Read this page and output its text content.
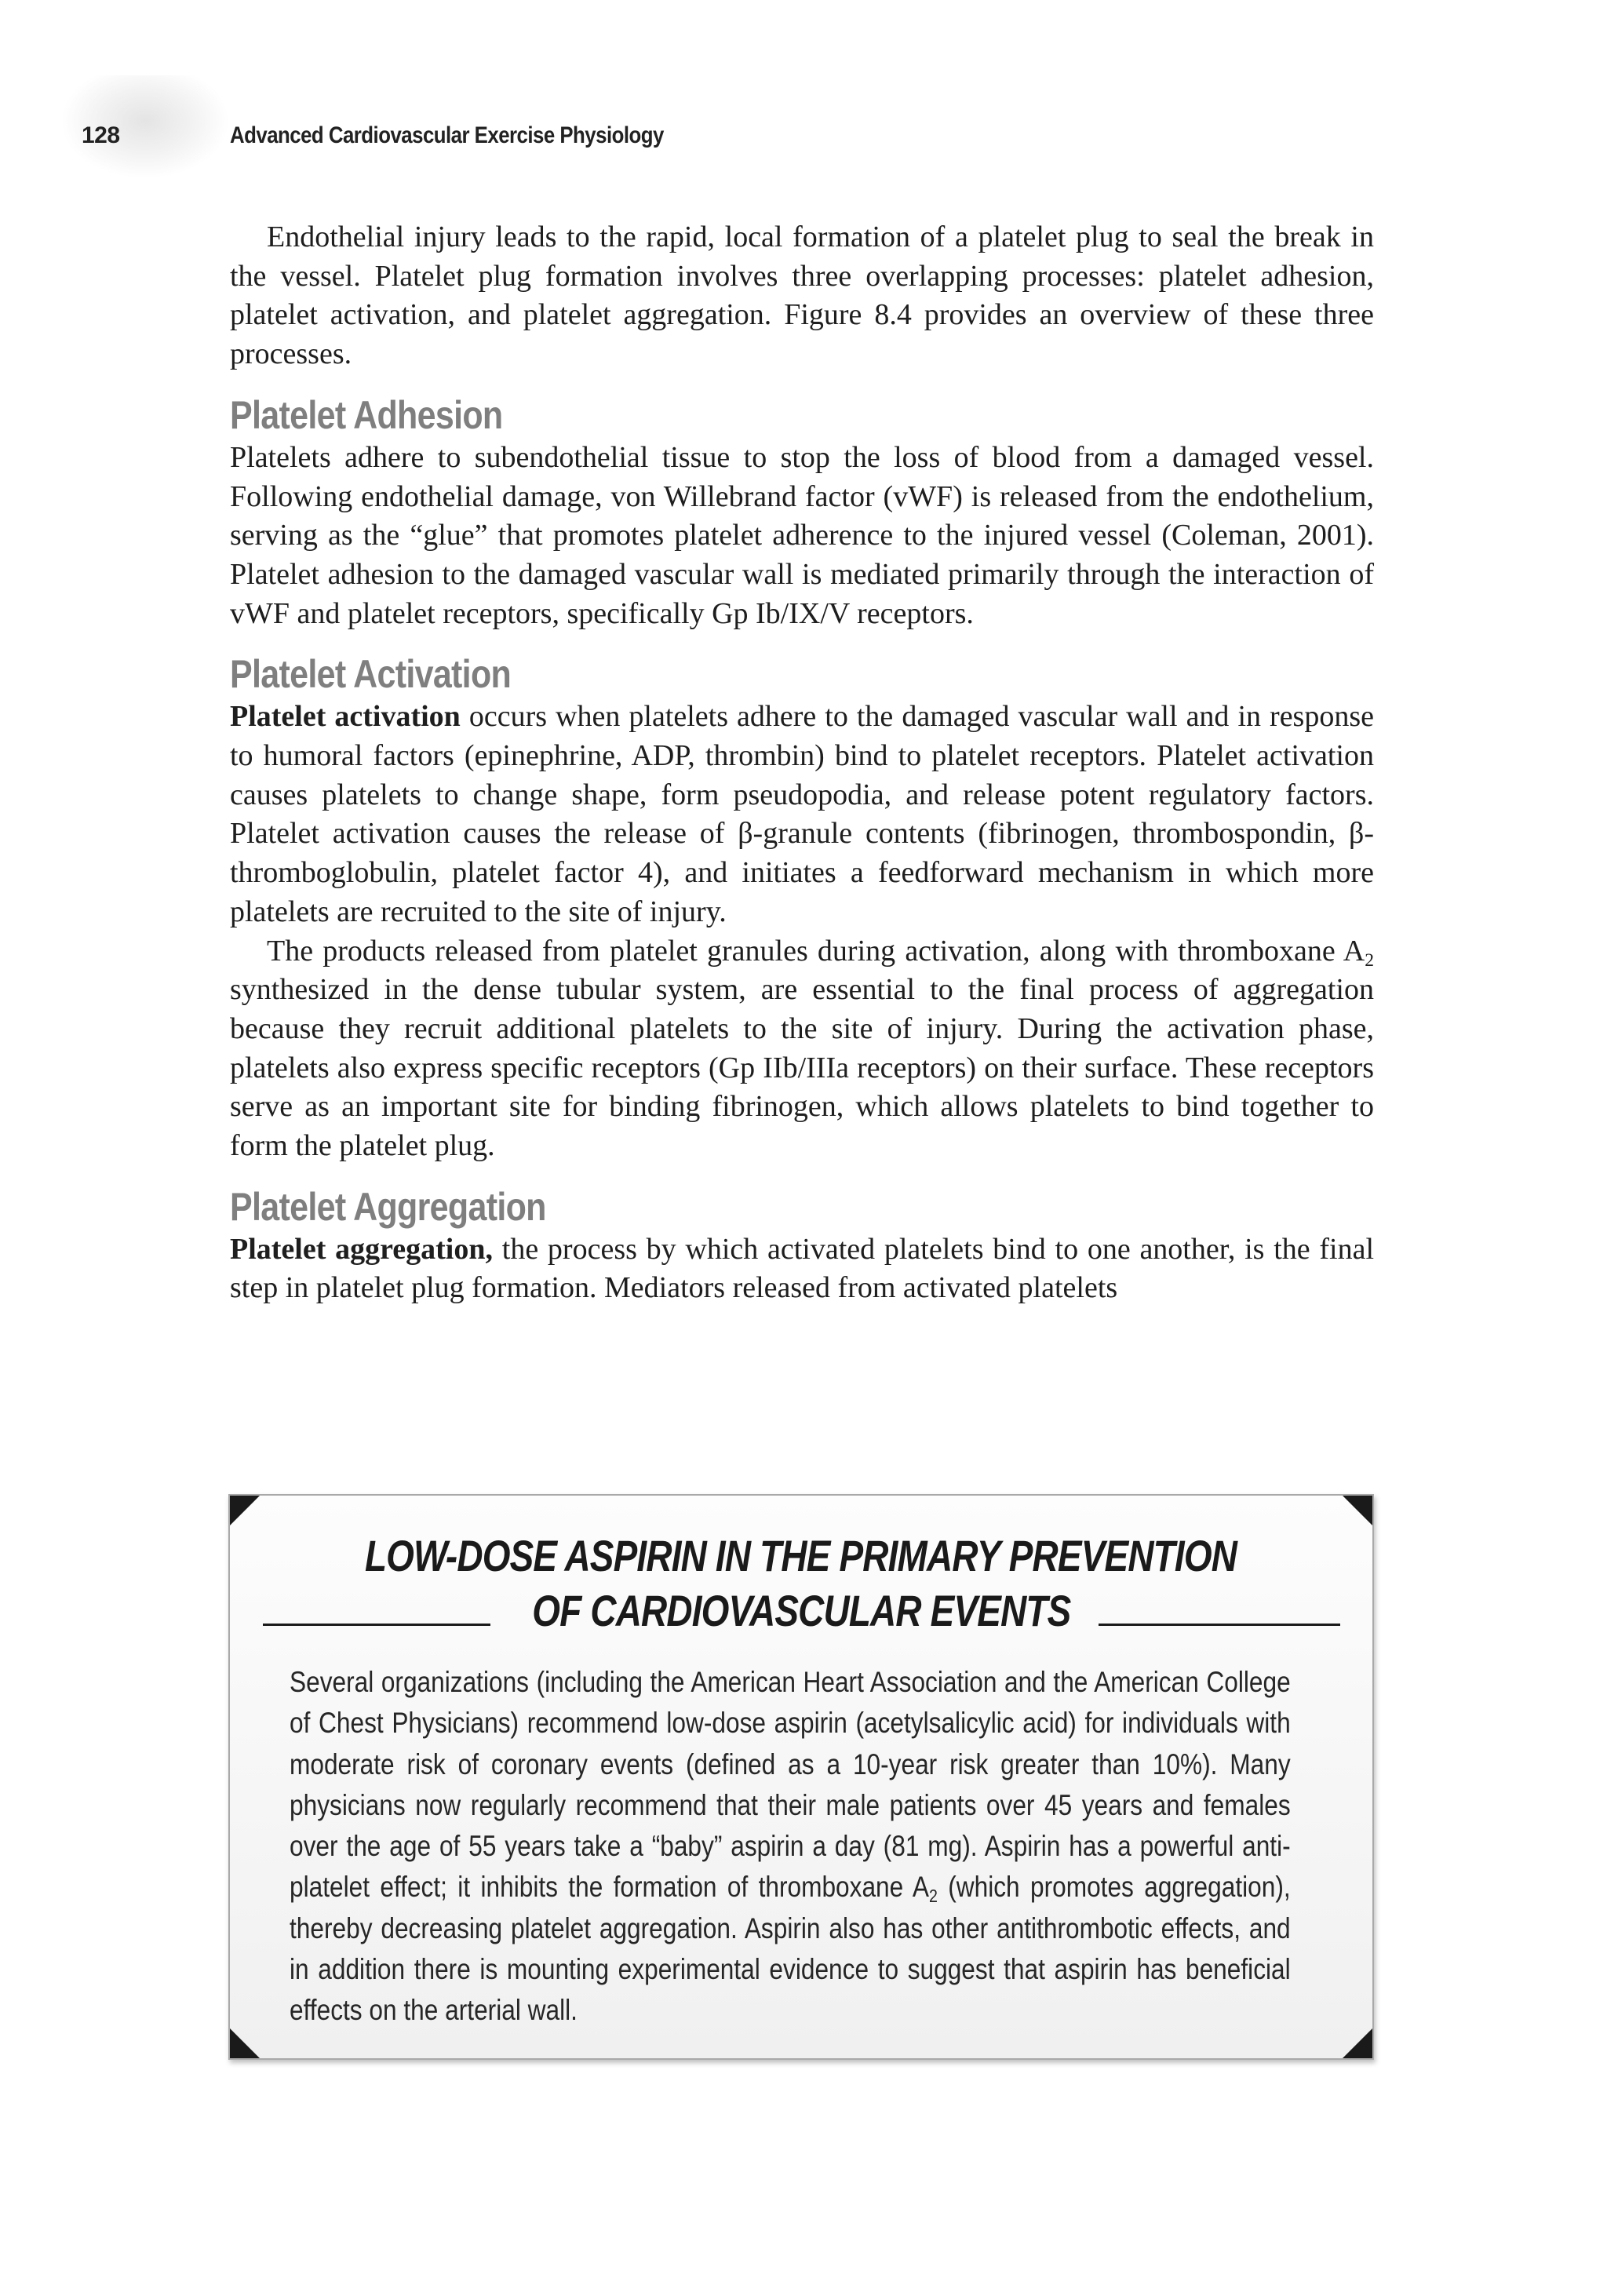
128	Advanced Cardiovascular Exercise Physiology

Endothelial injury leads to the rapid, local formation of a platelet plug to seal the break in the vessel. Platelet plug formation involves three overlapping processes: platelet adhesion, platelet activation, and platelet aggregation. Figure 8.4 provides an overview of these three processes.

Platelet Adhesion

Platelets adhere to subendothelial tissue to stop the loss of blood from a damaged vessel. Following endothelial damage, von Willebrand factor (vWF) is released from the endothelium, serving as the “glue” that promotes platelet adherence to the injured vessel (Coleman, 2001). Platelet adhesion to the damaged vascular wall is mediated primarily through the interaction of vWF and platelet receptors, specifically Gp Ib/​IX/V receptors.

Platelet Activation

Platelet activation occurs when platelets adhere to the damaged vascular wall and in response to humoral factors (epinephrine, ADP, thrombin) bind to platelet receptors. Platelet activation causes platelets to change shape, form pseudopodia, and release potent regulatory factors. Platelet activation causes the release of β-granule contents (fibrinogen, thrombospondin, β-thromboglobulin, platelet factor 4), and initiates a feedforward mechanism in which more platelets are recruited to the site of injury.

The products released from platelet granules during activation, along with thromboxane $A_2$ synthesized in the dense tubular system, are essential to the final process of aggregation because they recruit additional platelets to the site of injury. During the activation phase, platelets also express specific receptors (Gp IIb/IIIa receptors) on their surface. These receptors serve as an important site for binding fibrinogen, which allows platelets to bind together to form the platelet plug.

Platelet Aggregation

Platelet aggregation, the process by which activated platelets bind to one another, is the final step in platelet plug formation. Mediators released from activated platelets

LOW-DOSE ASPIRIN IN THE PRIMARY PREVENTION
OF CARDIOVASCULAR EVENTS

Several organizations (including the American Heart Association and the American College of Chest Physicians) recommend low-dose aspirin (acetylsalicylic acid) for individuals with moderate risk of coronary events (defined as a 10-year risk greater than 10%). Many physicians now regularly recommend that their male patients over 45 years and females over the age of 55 years take a “baby” aspirin a day (81 mg). Aspirin has a powerful antiplatelet effect; it inhibits the formation of thromboxane $A_2$ (which promotes aggregation), thereby decreasing platelet aggregation. Aspirin also has other antithrombotic effects, and in addition there is mounting experimental evidence to suggest that aspirin has beneficial effects on the arterial wall.
